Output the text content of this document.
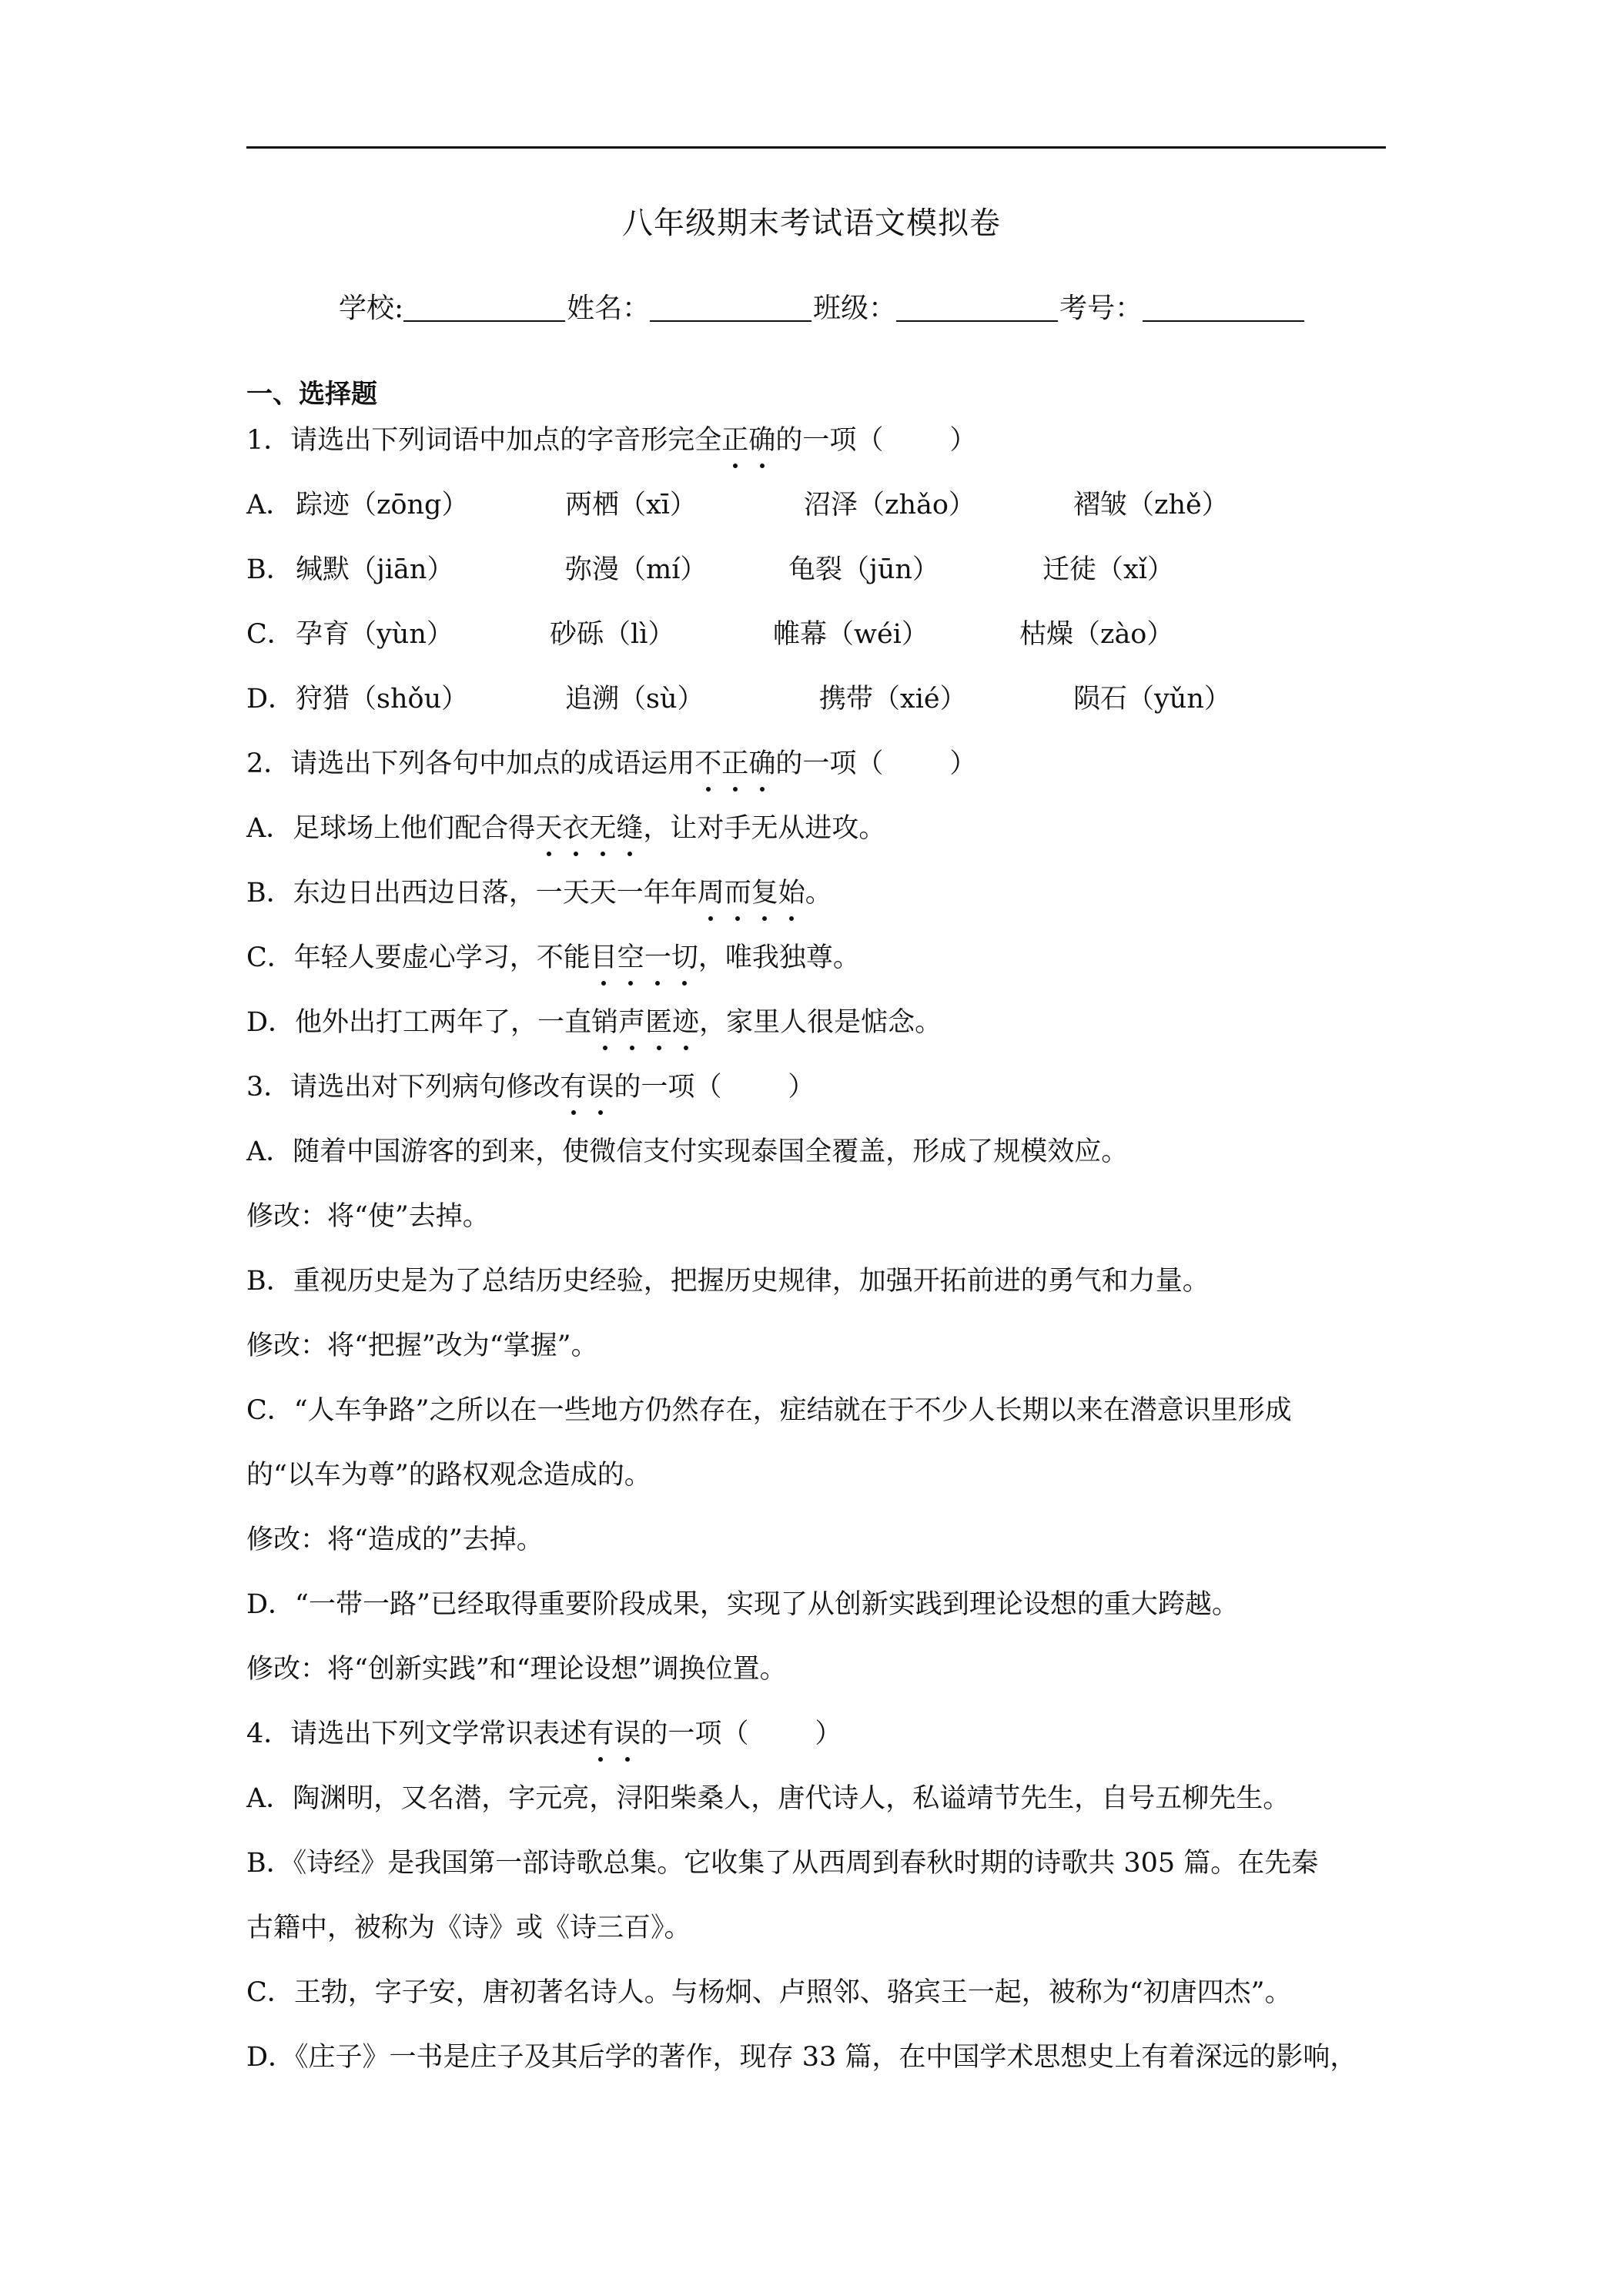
八年级期末考试语文模拟卷
学校:	姓名：	班级：	考号：
一、选择题
1．请选出下列词语中加点的字音形完全正确的一项（ ）
A． 踪迹（zōng）	两栖（xī）	沼泽（zhǎo）	褶皱（zhě）
B． 缄默（jiān）	弥漫（mí）	龟裂（jūn）	迁徒（xǐ）
C． 孕育（yùn）	砂砾（lì）	帷幕（wéi）	枯燥（zào）
D． 狩猎（shǒu）	追溯（sù）	携带（xié）	陨石（yǔn）
2．请选出下列各句中加点的成语运用不正确的一项（ ）
A．足球场上他们配合得天衣无缝，让对手无从进攻。
B．东边日出西边日落，一天天一年年周而复始。
C．年轻人要虚心学习，不能目空一切，唯我独尊。
D．他外出打工两年了，一直销声匿迹，家里人很是惦念。
3．请选出对下列病句修改有误的一项（ ）
A．随着中国游客的到来，使微信支付实现泰国全覆盖，形成了规模效应。
修改：将“使”去掉。
B．重视历史是为了总结历史经验，把握历史规律，加强开拓前进的勇气和力量。
修改：将“把握”改为“掌握”。
C．“人车争路”之所以在一些地方仍然存在，症结就在于不少人长期以来在潜意识里形成
的“以车为尊”的路权观念造成的。
修改：将“造成的”去掉。
D．“一带一路”已经取得重要阶段成果，实现了从创新实践到理论设想的重大跨越。
修改：将“创新实践”和“理论设想”调换位置。
4．请选出下列文学常识表述有误的一项（ ）
A．陶渊明，又名潜，字元亮，浔阳柴桑人，唐代诗人，私谥靖节先生，自号五柳先生。
B．《诗经》是我国第一部诗歌总集。它收集了从西周到春秋时期的诗歌共 305 篇。在先秦
古籍中，被称为《诗》或《诗三百》。
C．王勃，字子安，唐初著名诗人。与杨炯、卢照邻、骆宾王一起，被称为“初唐四杰”。
D．《庄子》一书是庄子及其后学的著作，现存 33 篇，在中国学术思想史上有着深远的影响，
